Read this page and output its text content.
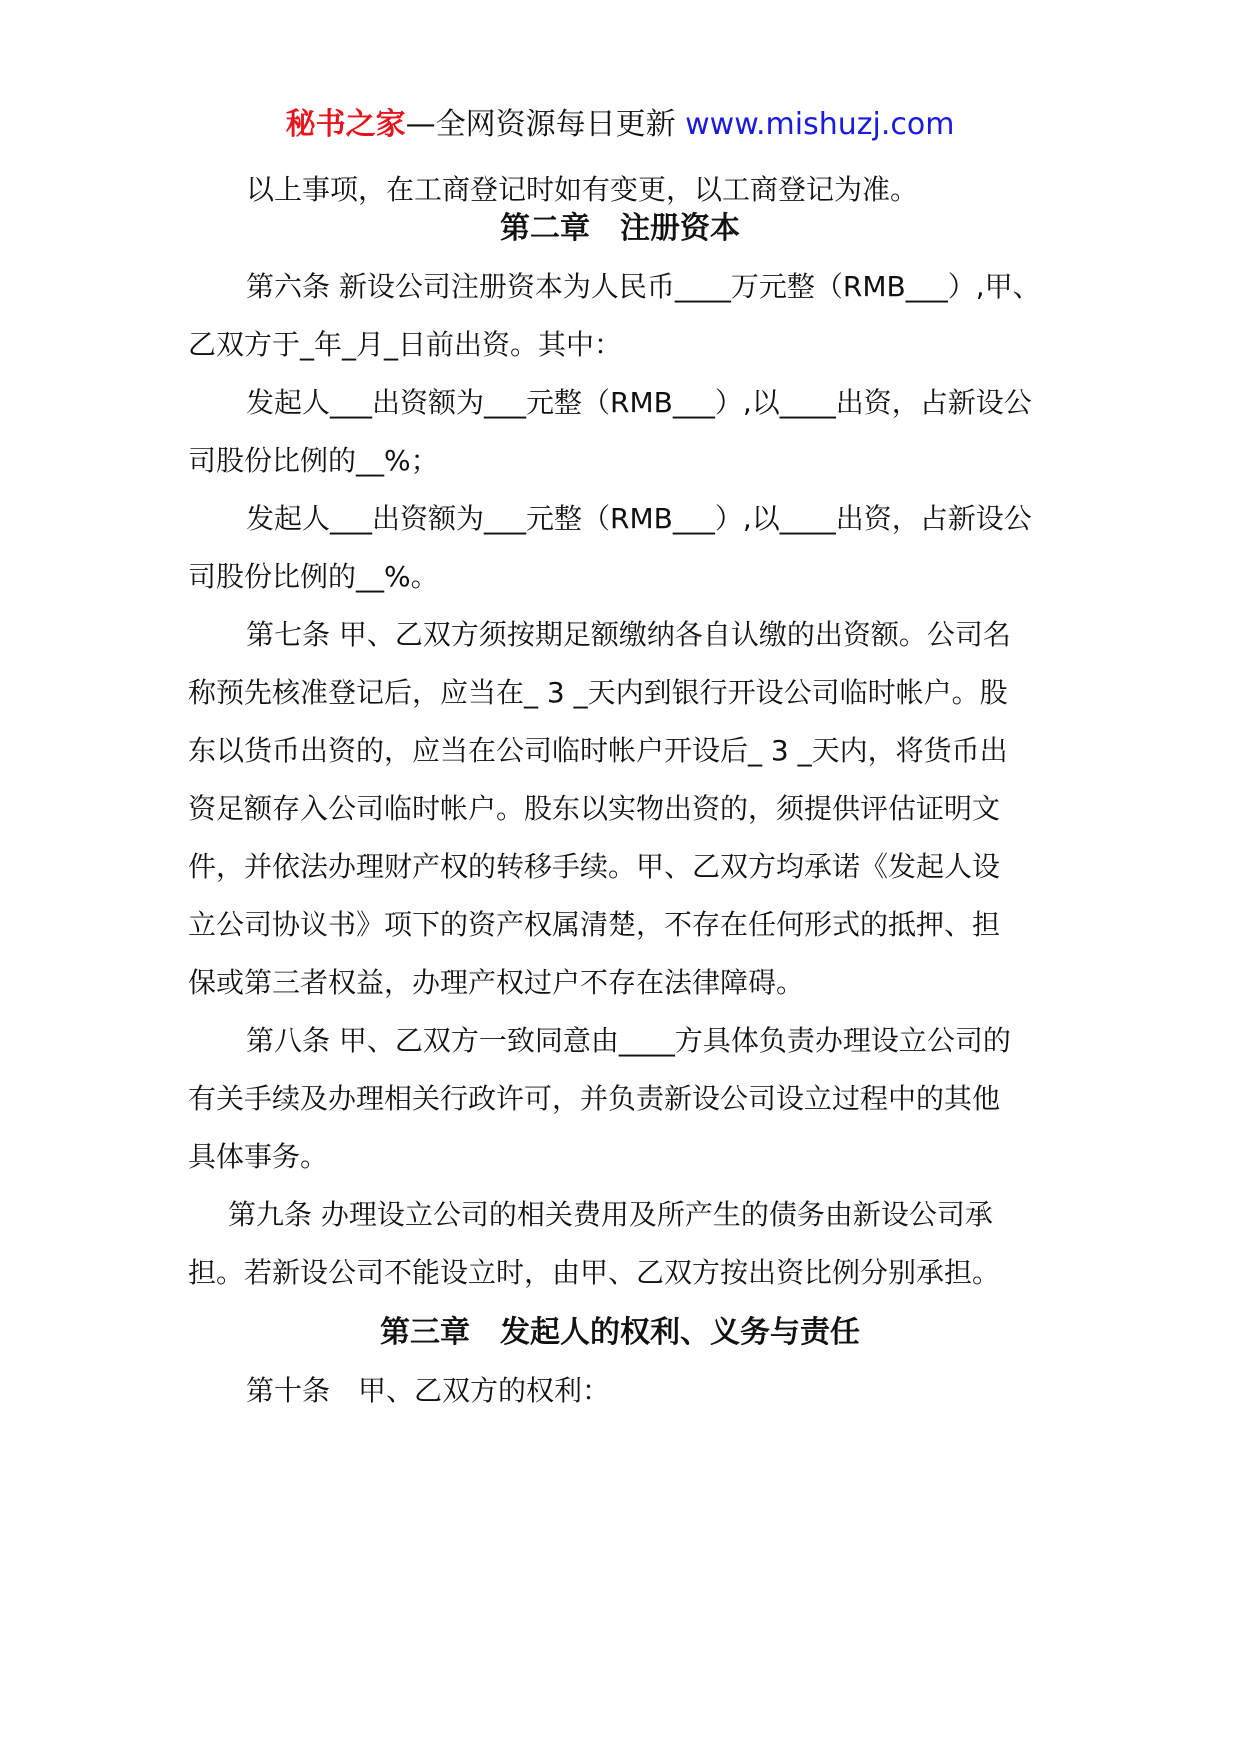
秘书之家—全网资源每日更新 www.mishuzj.com
以上事项，在工商登记时如有变更，以工商登记为准。
第二章　注册资本
第六条 新设公司注册资本为人民币____万元整（RMB___）,甲、
乙双方于_年_月_日前出资。其中：
发起人___出资额为___元整（RMB___）,以____出资，占新设公
司股份比例的__%；
发起人___出资额为___元整（RMB___）,以____出资，占新设公
司股份比例的__%。
第七条 甲、乙双方须按期足额缴纳各自认缴的出资额。公司名
称预先核准登记后，应当在_ 3 _天内到银行开设公司临时帐户。股
东以货币出资的，应当在公司临时帐户开设后_ 3 _天内，将货币出
资足额存入公司临时帐户。股东以实物出资的，须提供评估证明文
件，并依法办理财产权的转移手续。甲、乙双方均承诺《发起人设
立公司协议书》项下的资产权属清楚，不存在任何形式的抵押、担
保或第三者权益，办理产权过户不存在法律障碍。
第八条 甲、乙双方一致同意由____方具体负责办理设立公司的
有关手续及办理相关行政许可，并负责新设公司设立过程中的其他
具体事务。
第九条 办理设立公司的相关费用及所产生的债务由新设公司承
担。若新设公司不能设立时，由甲、乙双方按出资比例分别承担。
第三章　发起人的权利、义务与责任
第十条　甲、乙双方的权利：
